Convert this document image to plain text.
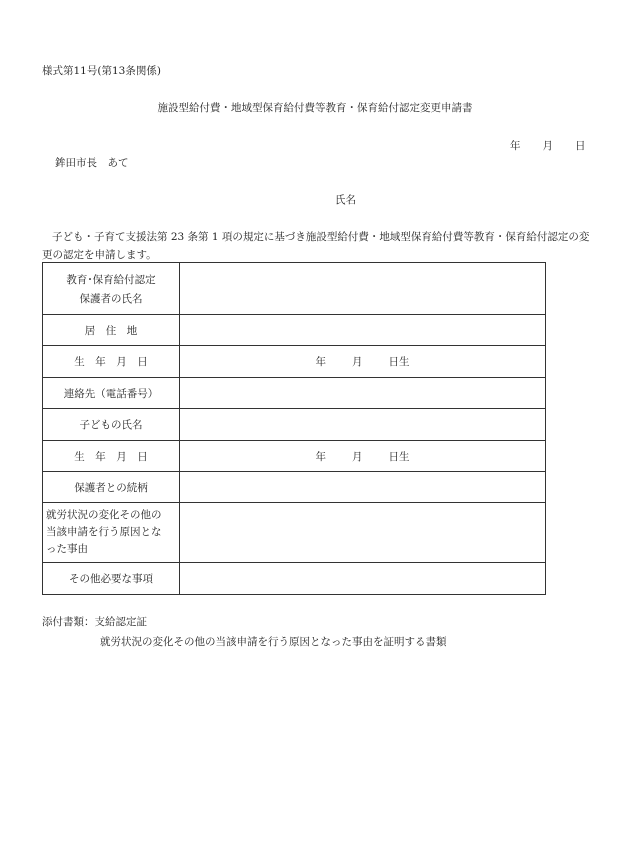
様式第11号(第13条関係)
施設型給付費・地域型保育給付費等教育・保育給付認定変更申請書
年 月 日
鉾田市長　あて
氏名
子ども・子育て支援法第 23 条第 1 項の規定に基づき施設型給付費・地域型保育給付費等教育・保育給付認定の変更の認定を申請します。
教育･保育給付認定
保護者の氏名	

居　住　地	
生　年　月　日	年 月 日生
連絡先（電話番号）	
子どもの氏名	
生　年　月　日	年 月 日生
保護者との続柄	

就労状況の変化その他の
当該申請を行う原因とな
った事由	

その他必要な事項	
添付書類：支給認定証
就労状況の変化その他の当該申請を行う原因となった事由を証明する書類
